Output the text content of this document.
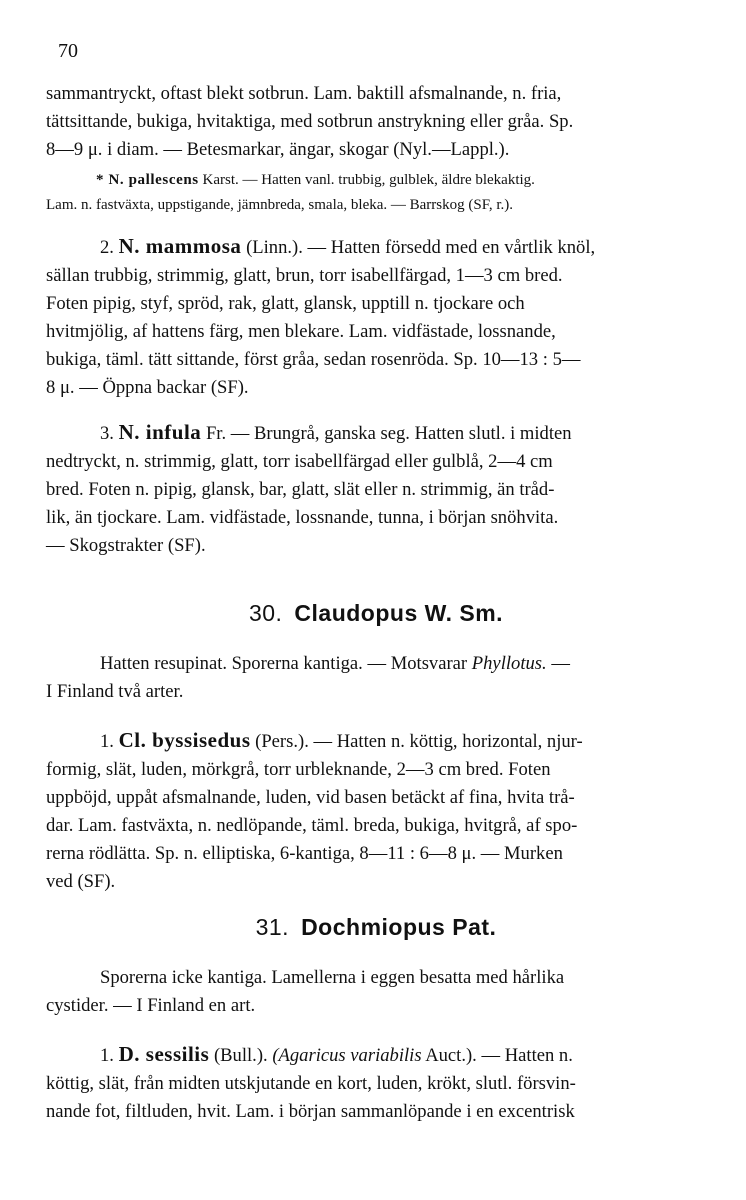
70

sammantryckt, oftast blekt sotbrun. Lam. baktill afsmalnande, n. fria,

tättsittande, bukiga, hvitaktiga, med sotbrun anstrykning eller gråa. Sp.

8—9 μ. i diam. — Betesmarkar, ängar, skogar (Nyl.—Lappl.).

* N. pallescens Karst. — Hatten vanl. trubbig, gulblek, äldre blekaktig.

Lam. n. fastväxta, uppstigande, jämnbreda, smala, bleka. — Barrskog (SF, r.).

2. N. mammosa (Linn.). — Hatten försedd med en vårtlik knöl,

sällan trubbig, strimmig, glatt, brun, torr isabellfärgad, 1—3 cm bred.

Foten pipig, styf, spröd, rak, glatt, glansk, upptill n. tjockare och

hvitmjölig, af hattens färg, men blekare. Lam. vidfästade, lossnande,

bukiga, täml. tätt sittande, först gråa, sedan rosenröda. Sp. 10—13 : 5—

8 μ. — Öppna backar (SF).

3. N. infula Fr. — Brungrå, ganska seg. Hatten slutl. i midten

nedtryckt, n. strimmig, glatt, torr isabellfärgad eller gulblå, 2—4 cm

bred. Foten n. pipig, glansk, bar, glatt, slät eller n. strimmig, än tråd-

lik, än tjockare. Lam. vidfästade, lossnande, tunna, i början snöhvita.

— Skogstrakter (SF).

30. Claudopus W. Sm.

Hatten resupinat. Sporerna kantiga. — Motsvarar Phyllotus. —

I Finland två arter.

1. Cl. byssisedus (Pers.). — Hatten n. köttig, horizontal, njur-

formig, slät, luden, mörkgrå, torr urbleknande, 2—3 cm bred. Foten

uppböjd, uppåt afsmalnande, luden, vid basen betäckt af fina, hvita trå-

dar. Lam. fastväxta, n. nedlöpande, täml. breda, bukiga, hvitgrå, af spo-

rerna rödlätta. Sp. n. elliptiska, 6-kantiga, 8—11 : 6—8 μ. — Murken

ved (SF).

31. Dochmiopus Pat.

Sporerna icke kantiga. Lamellerna i eggen besatta med hårlika

cystider. — I Finland en art.

1. D. sessilis (Bull.). (Agaricus variabilis Auct.). — Hatten n.

köttig, slät, från midten utskjutande en kort, luden, krökt, slutl. försvin-

nande fot, filtluden, hvit. Lam. i början sammanlöpande i en excentrisk
